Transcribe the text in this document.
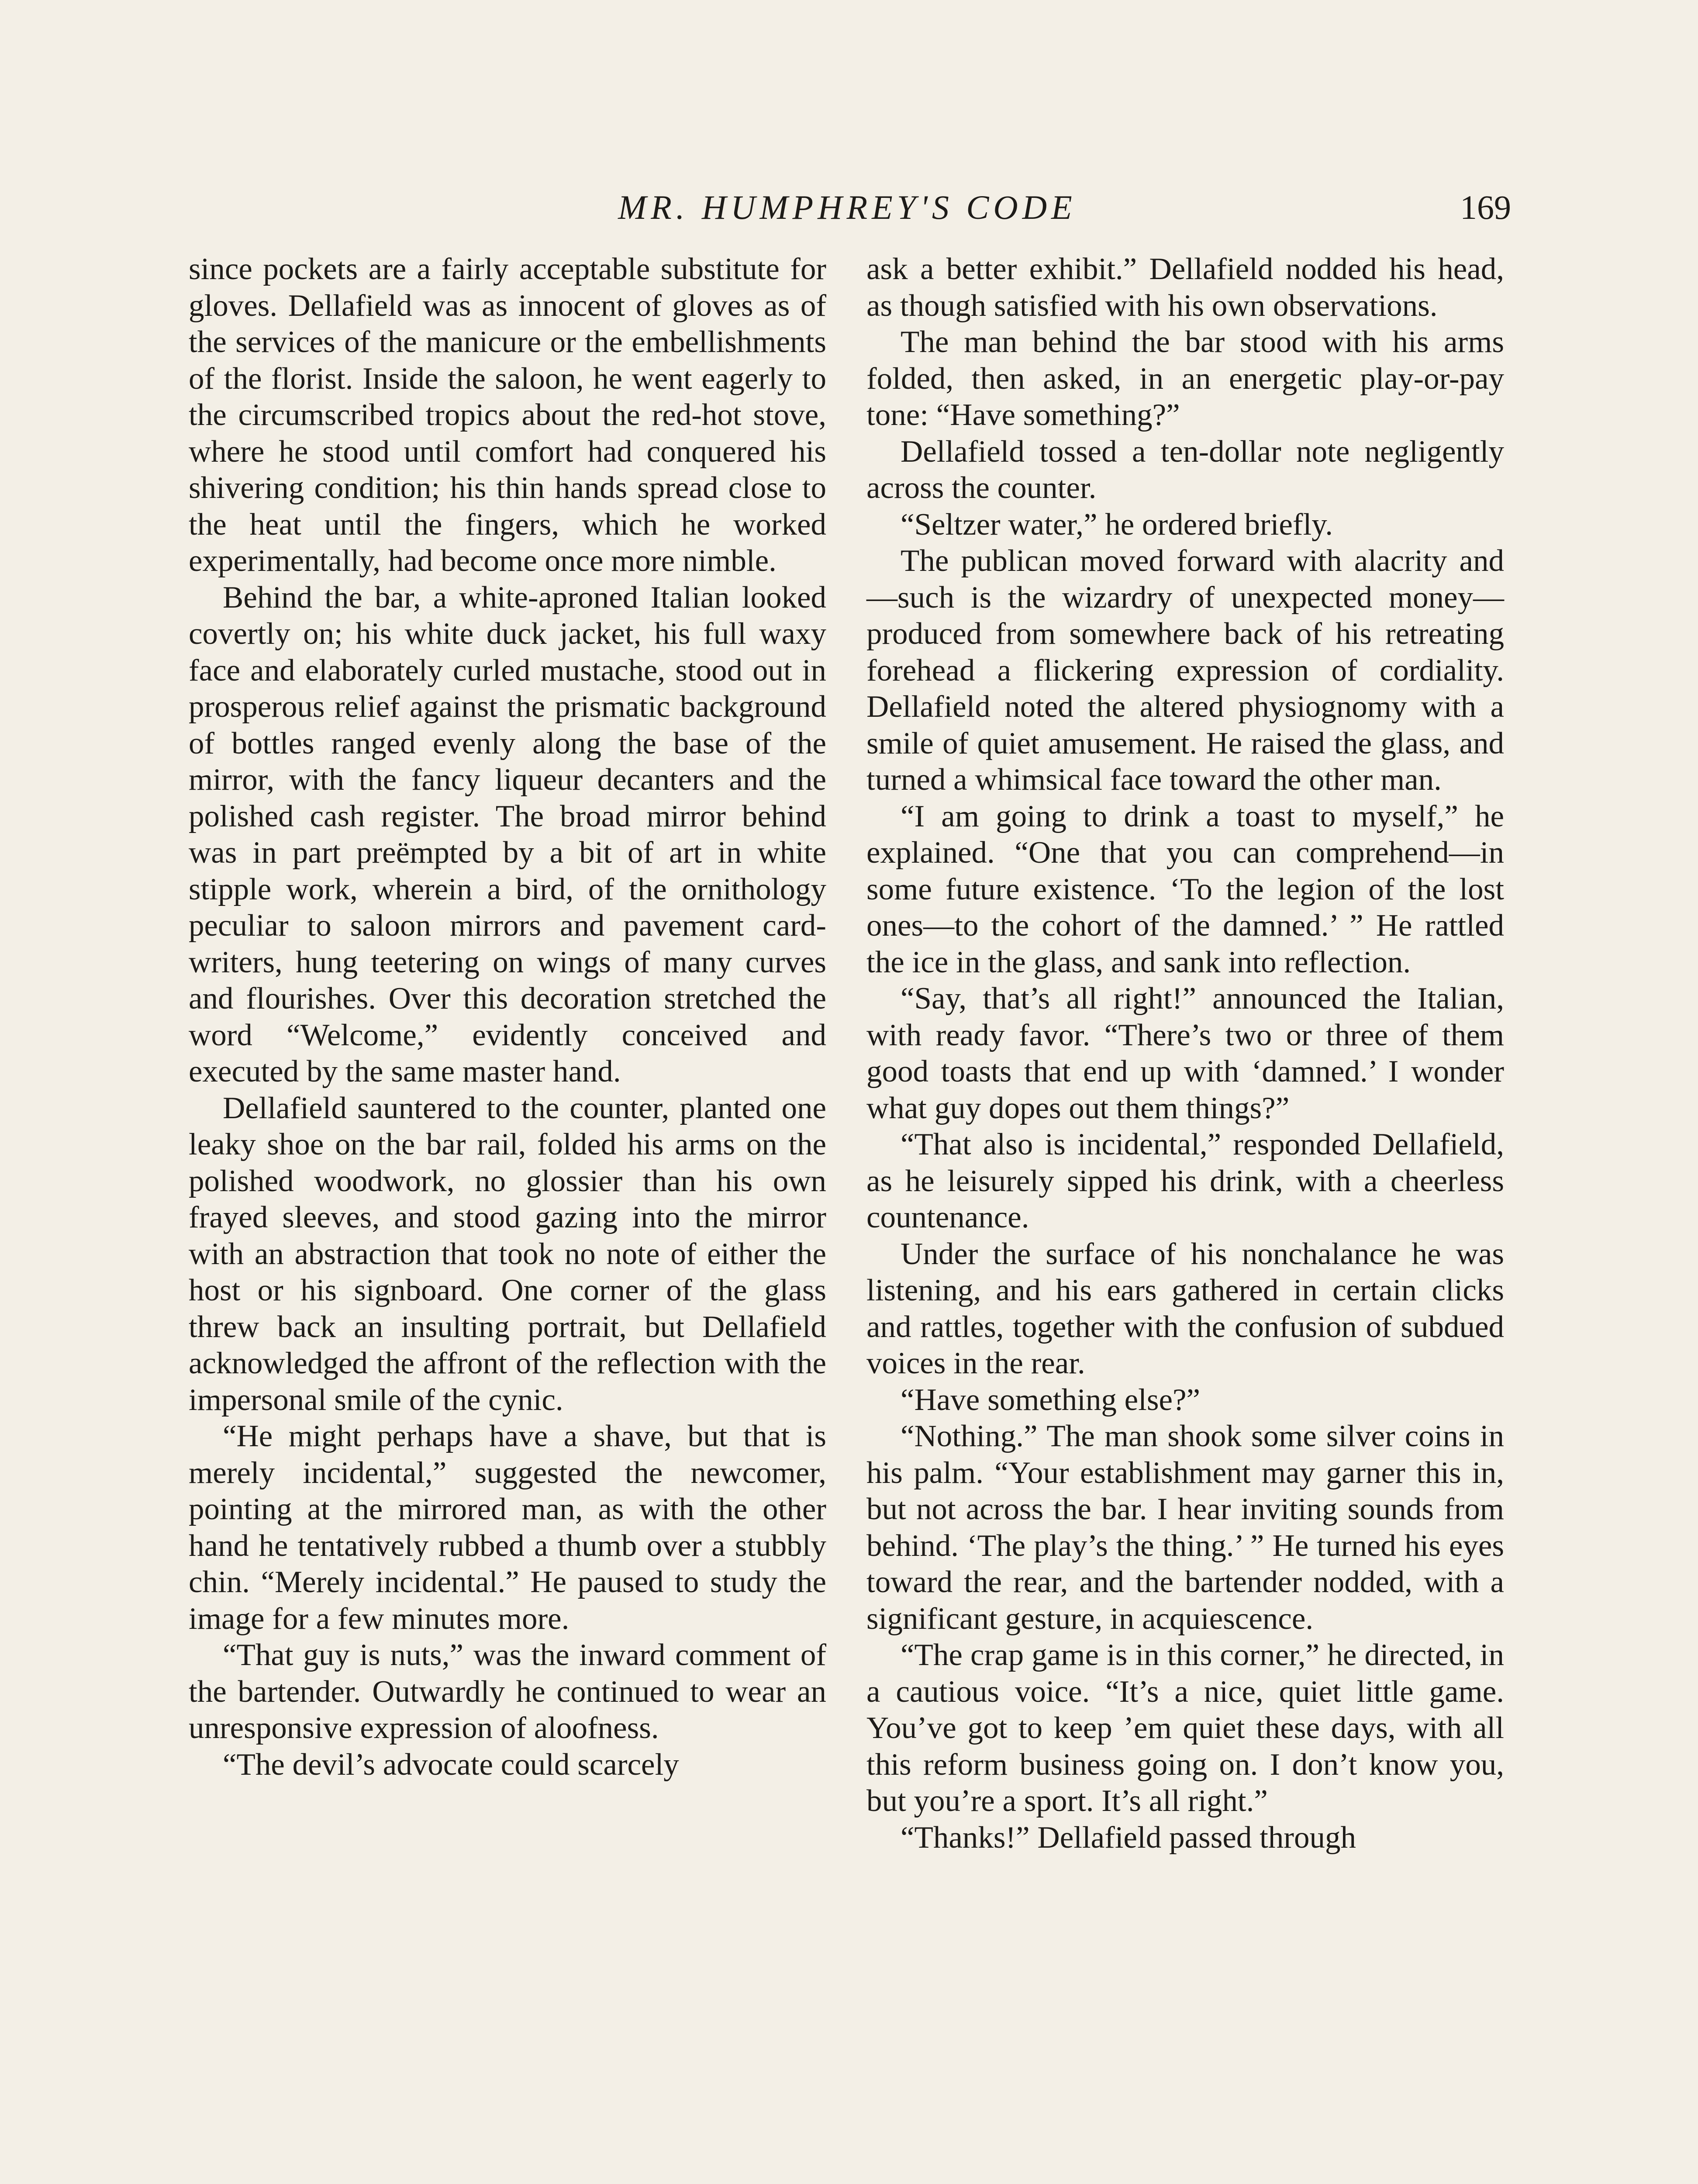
MR. HUMPHREY'S CODE	169

since pockets are a fairly acceptable substitute for gloves. Dellafield was as innocent of gloves as of the services of the manicure or the embellishments of the florist. Inside the saloon, he went eagerly to the circumscribed tropics about the red-hot stove, where he stood until comfort had conquered his shivering condition; his thin hands spread close to the heat until the fingers, which he worked experimentally, had become once more nimble.

Behind the bar, a white-aproned Italian looked covertly on; his white duck jacket, his full waxy face and elaborately curled mustache, stood out in prosperous relief against the prismatic background of bottles ranged evenly along the base of the mirror, with the fancy liqueur decanters and the polished cash register. The broad mirror behind was in part preëmpted by a bit of art in white stipple work, wherein a bird, of the ornithology peculiar to saloon mirrors and pavement card-writers, hung teetering on wings of many curves and flourishes. Over this decoration stretched the word “Welcome,” evidently conceived and executed by the same master hand.

Dellafield sauntered to the counter, planted one leaky shoe on the bar rail, folded his arms on the polished woodwork, no glossier than his own frayed sleeves, and stood gazing into the mirror with an abstraction that took no note of either the host or his signboard. One corner of the glass threw back an insulting portrait, but Dellafield acknowledged the affront of the reflection with the impersonal smile of the cynic.

“He might perhaps have a shave, but that is merely incidental,” suggested the newcomer, pointing at the mirrored man, as with the other hand he tentatively rubbed a thumb over a stubbly chin. “Merely incidental.” He paused to study the image for a few minutes more.

“That guy is nuts,” was the inward comment of the bartender. Outwardly he continued to wear an unresponsive expression of aloofness.

“The devil’s advocate could scarcely

ask a better exhibit.” Dellafield nodded his head, as though satisfied with his own observations.

The man behind the bar stood with his arms folded, then asked, in an energetic play-or-pay tone: “Have something?”

Dellafield tossed a ten-dollar note negligently across the counter.

“Seltzer water,” he ordered briefly.

The publican moved forward with alacrity and—such is the wizardry of unexpected money—produced from somewhere back of his retreating forehead a flickering expression of cordiality. Dellafield noted the altered physiognomy with a smile of quiet amusement. He raised the glass, and turned a whimsical face toward the other man.

“I am going to drink a toast to myself,” he explained. “One that you can comprehend—in some future existence. ‘To the legion of the lost ones—to the cohort of the damned.’ ” He rattled the ice in the glass, and sank into reflection.

“Say, that’s all right!” announced the Italian, with ready favor. “There’s two or three of them good toasts that end up with ‘damned.’ I wonder what guy dopes out them things?”

“That also is incidental,” responded Dellafield, as he leisurely sipped his drink, with a cheerless countenance.

Under the surface of his nonchalance he was listening, and his ears gathered in certain clicks and rattles, together with the confusion of subdued voices in the rear.

“Have something else?”

“Nothing.” The man shook some silver coins in his palm. “Your establishment may garner this in, but not across the bar. I hear inviting sounds from behind. ‘The play’s the thing.’ ” He turned his eyes toward the rear, and the bartender nodded, with a significant gesture, in acquiescence.

“The crap game is in this corner,” he directed, in a cautious voice. “It’s a nice, quiet little game. You’ve got to keep ’em quiet these days, with all this reform business going on. I don’t know you, but you’re a sport. It’s all right.”

“Thanks!” Dellafield passed through
